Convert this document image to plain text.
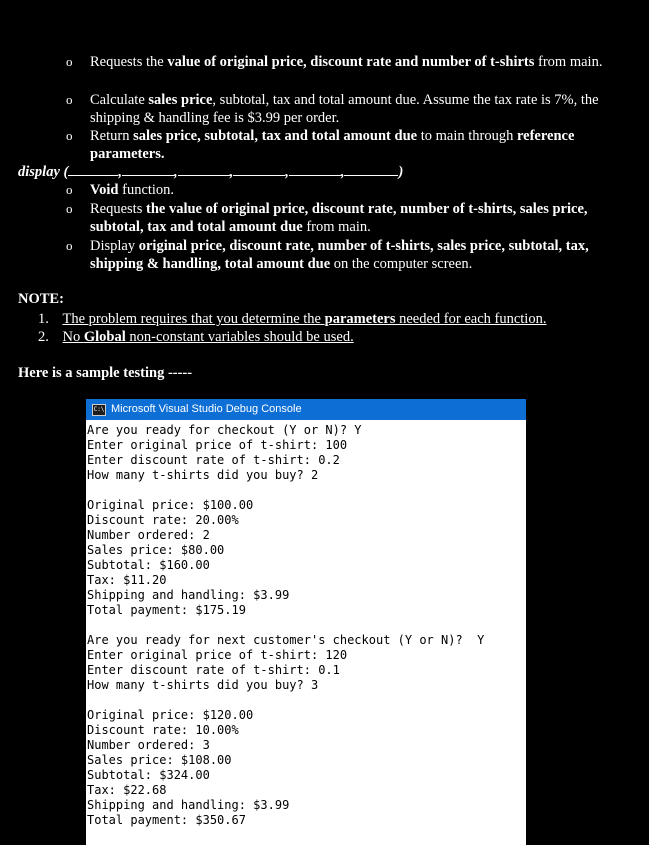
o	Requests the value of original price, discount rate and number of t-shirts from main.
o	Calculate sales price, subtotal, tax and total amount due. Assume the tax rate is 7%, the shipping & handling fee is $3.99 per order.
o	Return sales price, subtotal, tax and total amount due to main through reference parameters.
display (	,	,	,	,	,	)
o	Void function.
o	Requests the value of original price, discount rate, number of t-shirts, sales price, subtotal, tax and total amount due from main.
o	Display original price, discount rate, number of t-shirts, sales price, subtotal, tax, shipping & handling, total amount due on the computer screen.
NOTE:
1. The problem requires that you determine the parameters needed for each function.
2. No Global non-constant variables should be used.
Here is a sample testing -----
C:\ Microsoft Visual Studio Debug Console
Are you ready for checkout (Y or N)? Y
Enter original price of t-shirt: 100
Enter discount rate of t-shirt: 0.2
How many t-shirts did you buy? 2
Original price: $100.00
Discount rate: 20.00%
Number ordered: 2
Sales price: $80.00
Subtotal: $160.00
Tax: $11.20
Shipping and handling: $3.99
Total payment: $175.19
Are you ready for next customer's checkout (Y or N)?  Y
Enter original price of t-shirt: 120
Enter discount rate of t-shirt: 0.1
How many t-shirts did you buy? 3
Original price: $120.00
Discount rate: 10.00%
Number ordered: 3
Sales price: $108.00
Subtotal: $324.00
Tax: $22.68
Shipping and handling: $3.99
Total payment: $350.67
